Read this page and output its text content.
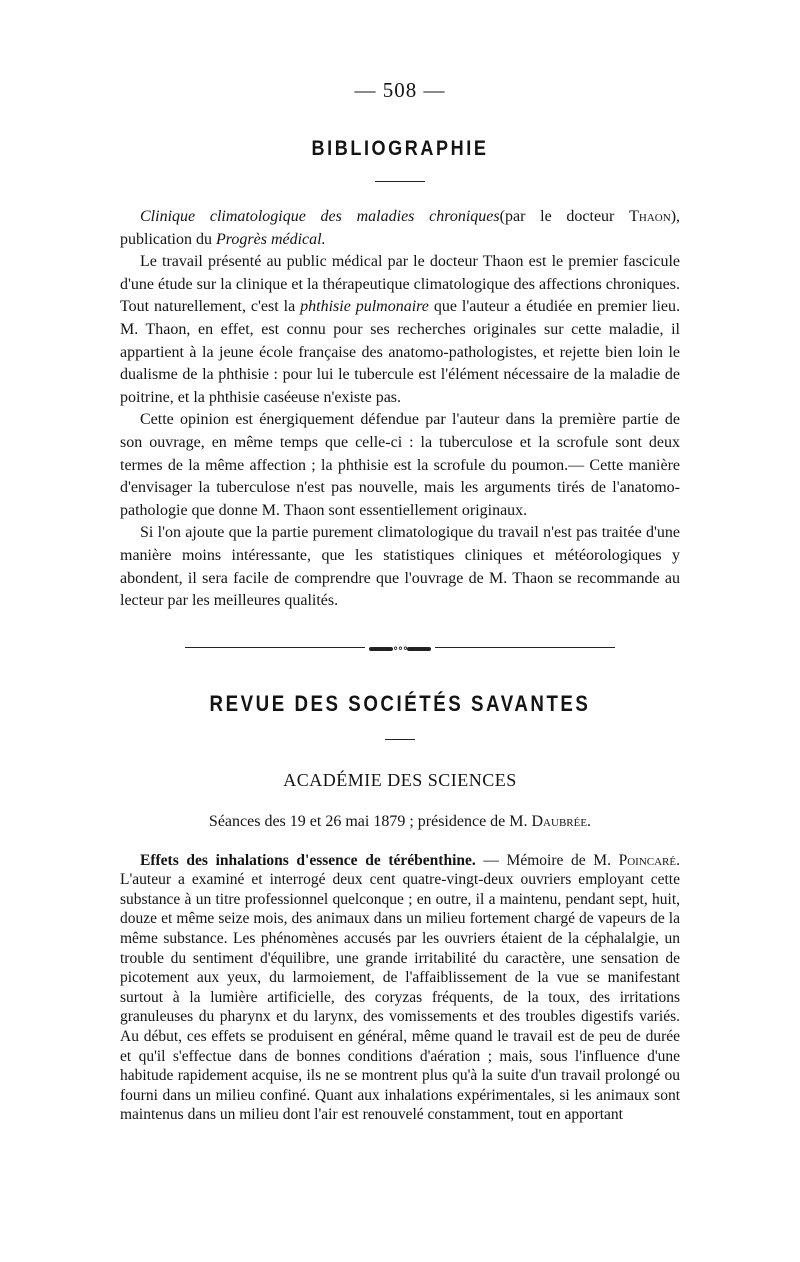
— 508 —
BIBLIOGRAPHIE

Clinique climatologique des maladies chroniques(par le docteur Thaon), publication du Progrès médical.

Le travail présenté au public médical par le docteur Thaon est le premier fascicule d'une étude sur la clinique et la thérapeutique climatologique des affections chroniques. Tout naturellement, c'est la phthisie pulmonaire que l'auteur a étudiée en premier lieu. M. Thaon, en effet, est connu pour ses recherches originales sur cette maladie, il appartient à la jeune école française des anatomo-pathologistes, et rejette bien loin le dualisme de la phthisie : pour lui le tubercule est l'élément nécessaire de la maladie de poitrine, et la phthisie caséeuse n'existe pas.

Cette opinion est énergiquement défendue par l'auteur dans la première partie de son ouvrage, en même temps que celle-ci : la tuberculose et la scrofule sont deux termes de la même affection ; la phthisie est la scrofule du poumon.— Cette manière d'envisager la tuberculose n'est pas nouvelle, mais les arguments tirés de l'anatomo-pathologie que donne M. Thaon sont essentiellement originaux.

Si l'on ajoute que la partie purement climatologique du travail n'est pas traitée d'une manière moins intéressante, que les statistiques cliniques et météorologiques y abondent, il sera facile de comprendre que l'ouvrage de M. Thaon se recommande au lecteur par les meilleures qualités.

∘∘∘
REVUE DES SOCIÉTÉS SAVANTES
ACADÉMIE DES SCIENCES
Séances des 19 et 26 mai 1879 ; présidence de M. Daubrée.

Effets des inhalations d'essence de térébenthine. — Mémoire de M. Poincaré. L'auteur a examiné et interrogé deux cent quatre-vingt-deux ouvriers employant cette substance à un titre professionnel quelconque ; en outre, il a maintenu, pendant sept, huit, douze et même seize mois, des animaux dans un milieu fortement chargé de vapeurs de la même substance. Les phénomènes accusés par les ouvriers étaient de la céphalalgie, un trouble du sentiment d'équilibre, une grande irritabilité du caractère, une sensation de picotement aux yeux, du larmoiement, de l'affaiblissement de la vue se manifestant surtout à la lumière artificielle, des coryzas fréquents, de la toux, des irritations granuleuses du pharynx et du larynx, des vomissements et des troubles digestifs variés. Au début, ces effets se produisent en général, même quand le travail est de peu de durée et qu'il s'effectue dans de bonnes conditions d'aération ; mais, sous l'influence d'une habitude rapidement acquise, ils ne se montrent plus qu'à la suite d'un travail prolongé ou fourni dans un milieu confiné. Quant aux inhalations expérimentales, si les animaux sont maintenus dans un milieu dont l'air est renouvelé constamment, tout en apportant
